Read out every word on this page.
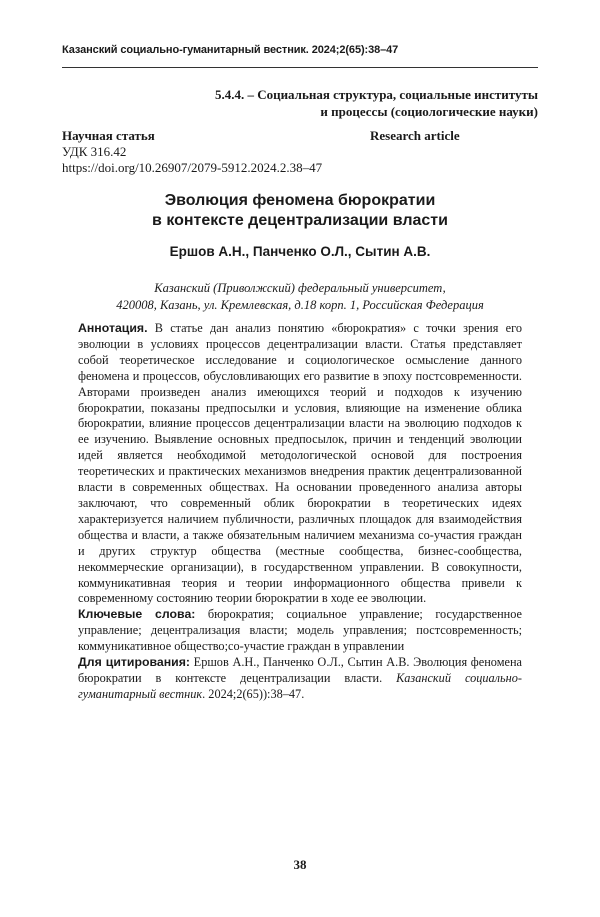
Казанский социально-гуманитарный вестник. 2024;2(65):38–47
5.4.4. – Социальная структура, социальные институты
и процессы (социологические науки)
Научная статья	Research article
УДК 316.42
https://doi.org/10.26907/2079-5912.2024.2.38–47
Эволюция феномена бюрократии
в контексте децентрализации власти
Ершов А.Н., Панченко О.Л., Сытин А.В.
Казанский (Приволжский) федеральный университет,
420008, Казань, ул. Кремлевская, д.18 корп. 1, Российская Федерация

Аннотация. В статье дан анализ понятию «бюрократия» с точки зрения его эволюции в условиях процессов децентрализации власти. Статья представляет собой теоретическое исследование и социологическое осмысление данного феномена и процессов, обусловливающих его развитие в эпоху постсовременности. Авторами произведен анализ имеющихся теорий и подходов к изучению бюрократии, показаны предпосылки и условия, влияющие на изменение облика бюрократии, влияние процессов децентрализации власти на эволюцию подходов к ее изучению. Выявление основных предпосылок, причин и тенденций эволюции идей является необходимой методологической основой для построения теоретических и практических механизмов внедрения практик децентрализованной власти в современных обществах. На основании проведенного анализа авторы заключают, что современный облик бюрократии в теоретических идеях характеризуется наличием публичности, различных площадок для взаимодействия общества и власти, а также обязательным наличием механизма со-участия граждан и других структур общества (местные сообщества, бизнес-сообщества, некоммерческие организации), в государственном управлении. В совокупности, коммуникативная теория и теории информационного общества привели к современному состоянию теории бюрократии в ходе ее эволюции.

Ключевые слова: бюрократия; социальное управление; государственное управление; децентрализация власти; модель управления; постсовременность; коммуникативное общество;со-участие граждан в управлении

Для цитирования: Ершов А.Н., Панченко О.Л., Сытин А.В. Эволюция феномена бюрократии в контексте децентрализации власти. Казанский социально-гуманитарный вестник. 2024;2(65)):38–47.

38
